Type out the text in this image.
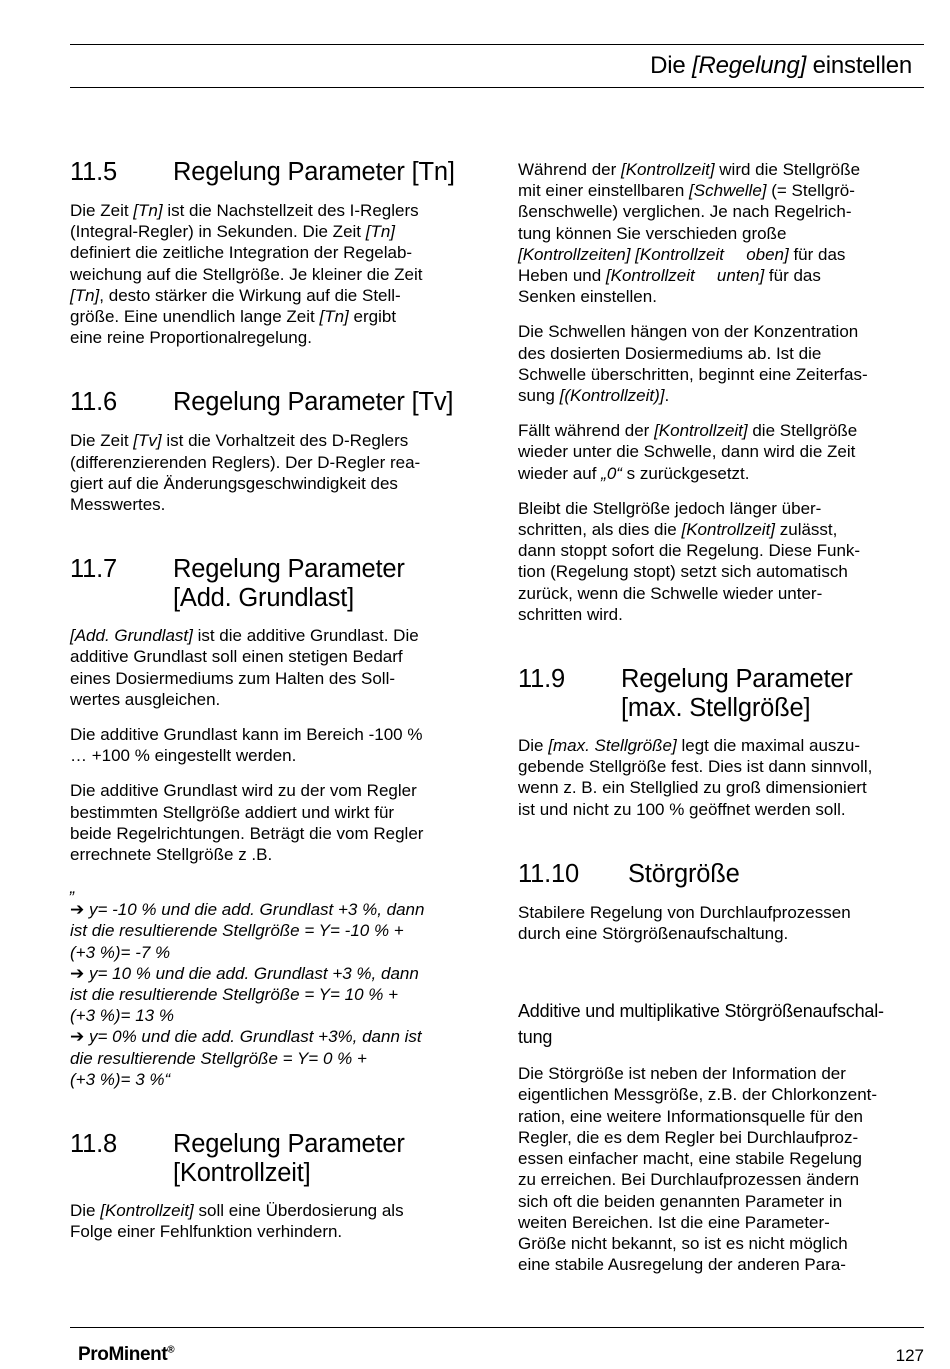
Die [Regelung] einstellen
11.5	Regelung Parameter [Tn]

Die Zeit [Tn] ist die Nachstellzeit des I-Reglers
(Integral-Regler) in Sekunden. Die Zeit [Tn]
definiert die zeitliche Integration der Regelab-
weichung auf die Stellgröße. Je kleiner die Zeit
[Tn], desto stärker die Wirkung auf die Stell-
größe. Eine unendlich lange Zeit [Tn] ergibt
eine reine Proportionalregelung.

11.6	Regelung Parameter [Tv]

Die Zeit [Tv] ist die Vorhaltzeit des D-Reglers
(differenzierenden Reglers). Der D-Regler rea-
giert auf die Änderungsgeschwindigkeit des
Messwertes.

11.7	Regelung Parameter
[Add. Grundlast]

[Add. Grundlast] ist die additive Grundlast. Die
additive Grundlast soll einen stetigen Bedarf
eines Dosiermediums zum Halten des Soll-
wertes ausgleichen.

Die additive Grundlast kann im Bereich -100 %
… +100 % eingestellt werden.

Die additive Grundlast wird zu der vom Regler
bestimmten Stellgröße addiert und wirkt für
beide Regelrichtungen. Beträgt die vom Regler
errechnete Stellgröße z .B.

„

➔ y= -10 % und die add. Grundlast +3 %, dann
ist die resultierende Stellgröße = Y= -10 % +
(+3 %)= -7 %
➔ y= 10 % und die add. Grundlast +3 %, dann
ist die resultierende Stellgröße = Y= 10 % +
(+3 %)= 13 %
➔ y= 0% und die add. Grundlast +3%, dann ist
die resultierende Stellgröße = Y= 0 % +
(+3 %)= 3 %“
11.8	Regelung Parameter
[Kontrollzeit]

Die [Kontrollzeit] soll eine Überdosierung als
Folge einer Fehlfunktion verhindern.

Während der [Kontrollzeit] wird die Stellgröße
mit einer einstellbaren [Schwelle] (= Stellgrö-
ßenschwelle) verglichen. Je nach Regelrich-
tung können Sie verschieden große
[Kontrollzeiten] [Kontrollzeit ⃞ oben] für das
Heben und [Kontrollzeit ⃞ unten] für das
Senken einstellen.

Die Schwellen hängen von der Konzentration
des dosierten Dosiermediums ab. Ist die
Schwelle überschritten, beginnt eine Zeiterfas-
sung [(Kontrollzeit)].

Fällt während der [Kontrollzeit] die Stellgröße
wieder unter die Schwelle, dann wird die Zeit
wieder auf „0“ s zurückgesetzt.

Bleibt die Stellgröße jedoch länger über-
schritten, als dies die [Kontrollzeit] zulässt,
dann stoppt sofort die Regelung. Diese Funk-
tion (Regelung stopt) setzt sich automatisch
zurück, wenn die Schwelle wieder unter-
schritten wird.

11.9	Regelung Parameter
[max. Stellgröße]

Die [max. Stellgröße] legt die maximal auszu-
gebende Stellgröße fest. Dies ist dann sinnvoll,
wenn z. B. ein Stellglied zu groß dimensioniert
ist und nicht zu 100 % geöffnet werden soll.

11.10	Störgröße

Stabilere Regelung von Durchlaufprozessen
durch eine Störgrößenaufschaltung.

Additive und multiplikative Störgrößenaufschal-
tung

Die Störgröße ist neben der Information der
eigentlichen Messgröße, z.B. der Chlorkonzent-
ration, eine weitere Informationsquelle für den
Regler, die es dem Regler bei Durchlaufproz-
essen einfacher macht, eine stabile Regelung
zu erreichen. Bei Durchlaufprozessen ändern
sich oft die beiden genannten Parameter in
weiten Bereichen. Ist die eine Parameter-
Größe nicht bekannt, so ist es nicht möglich
eine stabile Ausregelung der anderen Para-

ProMinent®	127
